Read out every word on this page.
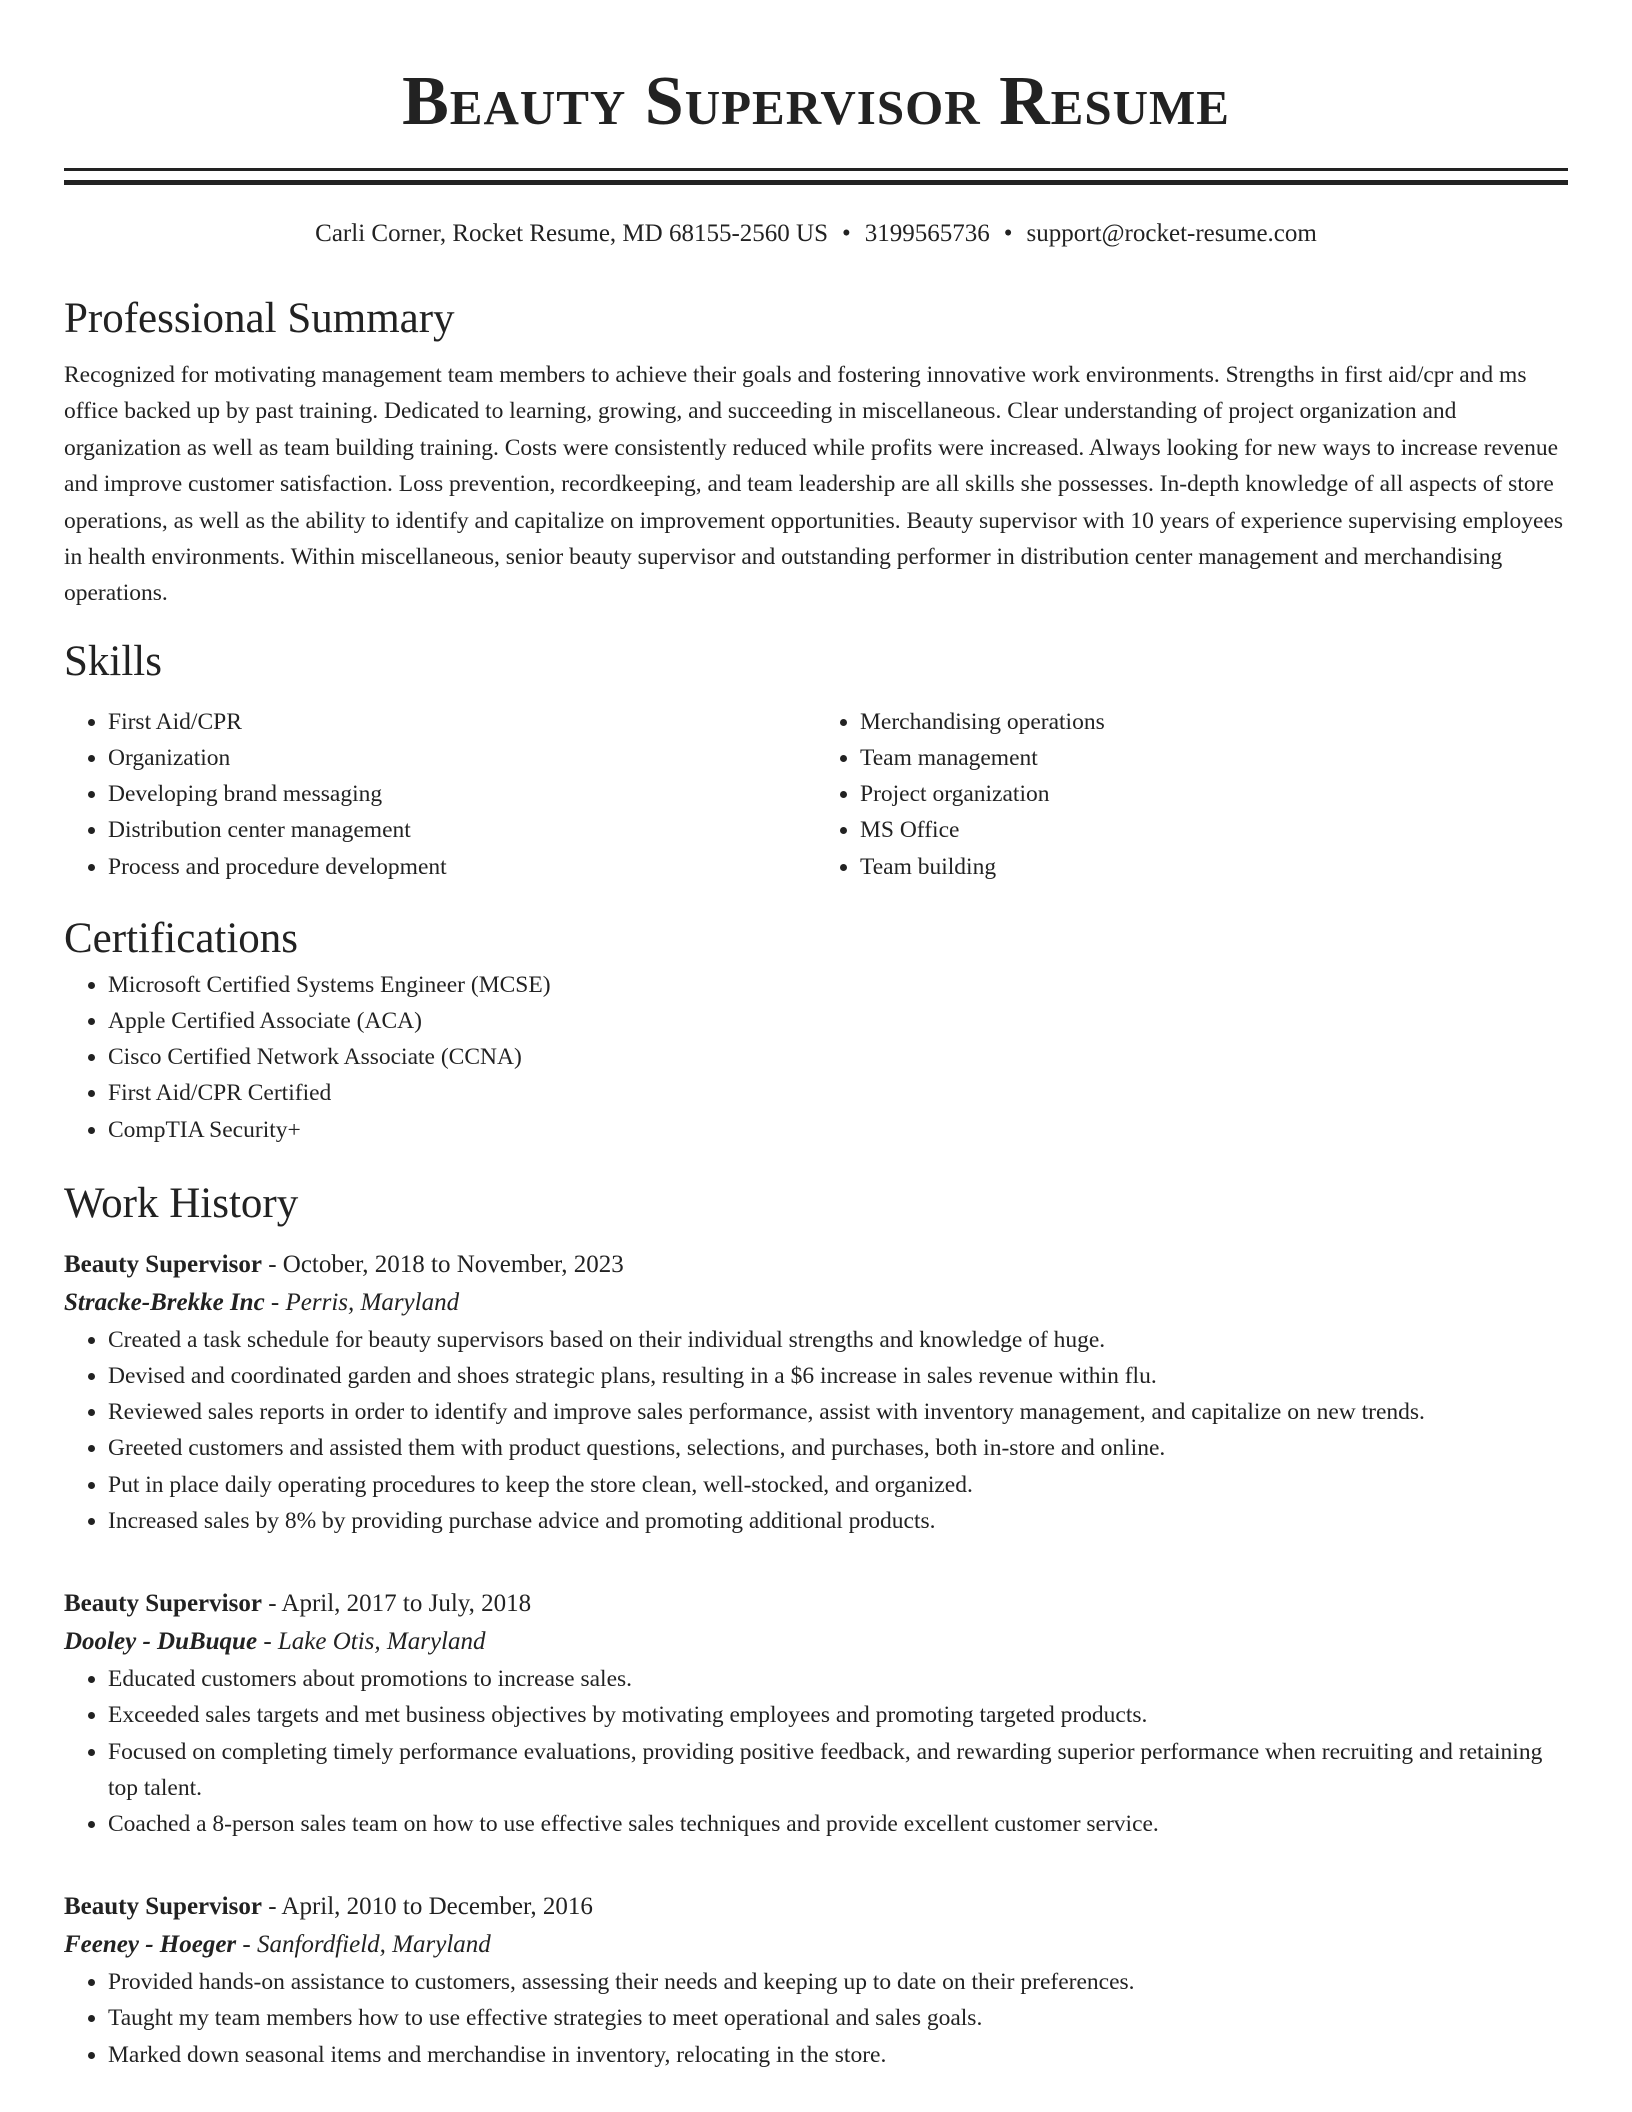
Beauty Supervisor Resume
Carli Corner, Rocket Resume, MD 68155-2560 US • 3199565736 • support@rocket-resume.com
Professional Summary

Recognized for motivating management team members to achieve their goals and fostering innovative work environments. Strengths in first aid/cpr and ms office backed up by past training. Dedicated to learning, growing, and succeeding in miscellaneous. Clear understanding of project organization and organization as well as team building training. Costs were consistently reduced while profits were increased. Always looking for new ways to increase revenue and improve customer satisfaction. Loss prevention, recordkeeping, and team leadership are all skills she possesses. In-depth knowledge of all aspects of store operations, as well as the ability to identify and capitalize on improvement opportunities. Beauty supervisor with 10 years of experience supervising employees in health environments. Within miscellaneous, senior beauty supervisor and outstanding performer in distribution center management and merchandising operations.

Skills
• First Aid/CPR
• Organization
• Developing brand messaging
• Distribution center management
• Process and procedure development
• Merchandising operations
• Team management
• Project organization
• MS Office
• Team building
Certifications
• Microsoft Certified Systems Engineer (MCSE)
• Apple Certified Associate (ACA)
• Cisco Certified Network Associate (CCNA)
• First Aid/CPR Certified
• CompTIA Security+
Work History
Beauty Supervisor - October, 2018 to November, 2023
Stracke-Brekke Inc - Perris, Maryland
• Created a task schedule for beauty supervisors based on their individual strengths and knowledge of huge.
• Devised and coordinated garden and shoes strategic plans, resulting in a $6 increase in sales revenue within flu.
• Reviewed sales reports in order to identify and improve sales performance, assist with inventory management, and capitalize on new trends.
• Greeted customers and assisted them with product questions, selections, and purchases, both in-store and online.
• Put in place daily operating procedures to keep the store clean, well-stocked, and organized.
• Increased sales by 8% by providing purchase advice and promoting additional products.
Beauty Supervisor - April, 2017 to July, 2018
Dooley - DuBuque - Lake Otis, Maryland
• Educated customers about promotions to increase sales.
• Exceeded sales targets and met business objectives by motivating employees and promoting targeted products.
• Focused on completing timely performance evaluations, providing positive feedback, and rewarding superior performance when recruiting and retaining top talent.
• Coached a 8-person sales team on how to use effective sales techniques and provide excellent customer service.
Beauty Supervisor - April, 2010 to December, 2016
Feeney - Hoeger - Sanfordfield, Maryland
• Provided hands-on assistance to customers, assessing their needs and keeping up to date on their preferences.
• Taught my team members how to use effective strategies to meet operational and sales goals.
• Marked down seasonal items and merchandise in inventory, relocating in the store.
